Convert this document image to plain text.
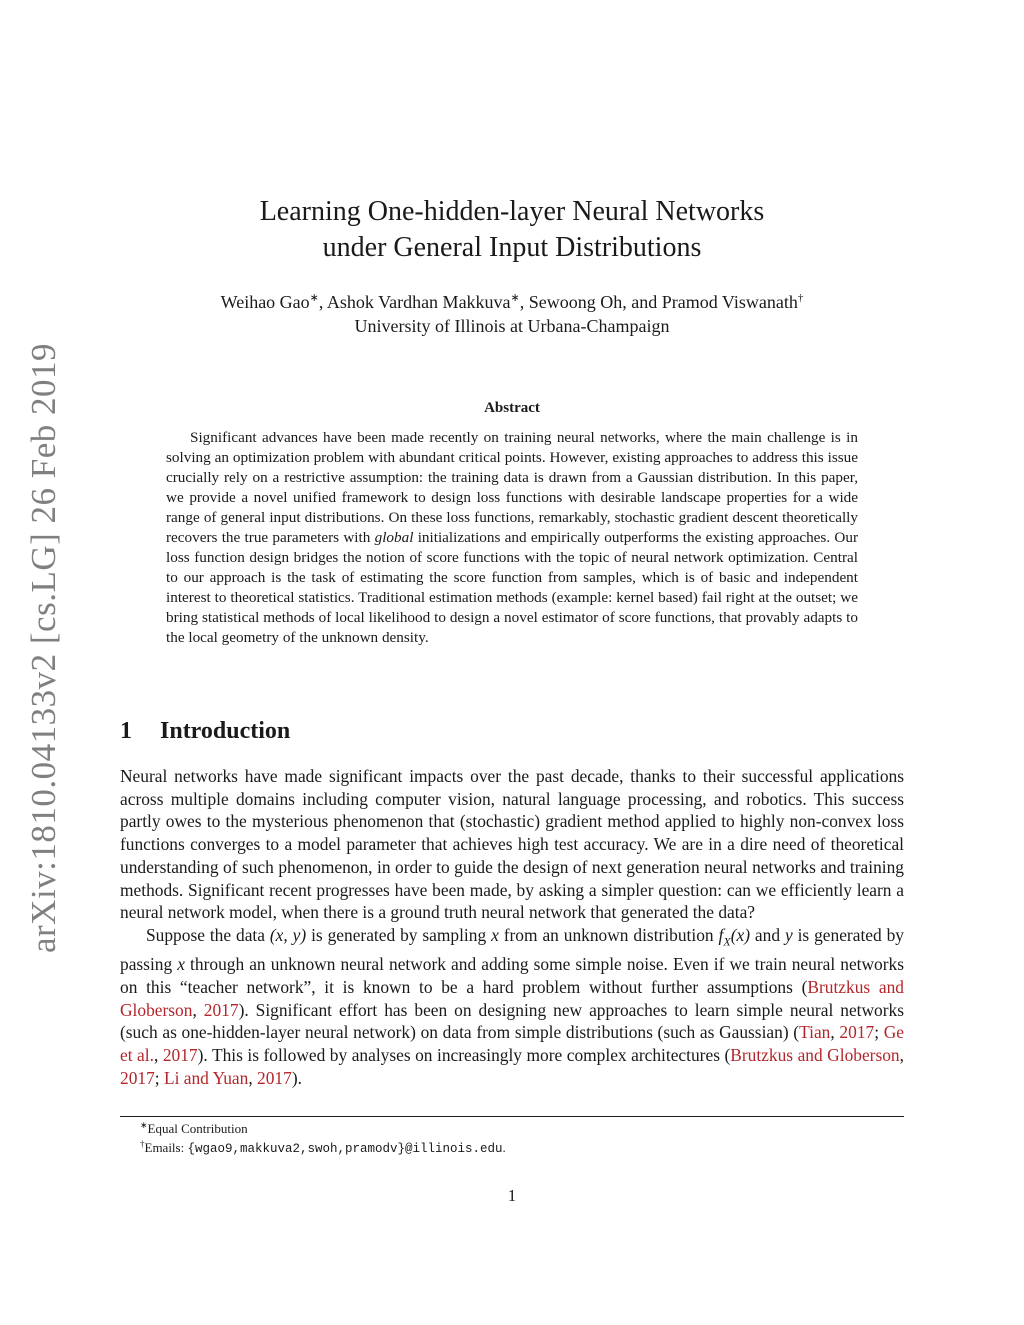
arXiv:1810.04133v2 [cs.LG] 26 Feb 2019
Learning One-hidden-layer Neural Networks
under General Input Distributions
Weihao Gao∗, Ashok Vardhan Makkuva∗, Sewoong Oh, and Pramod Viswanath†
University of Illinois at Urbana-Champaign
Abstract

Significant advances have been made recently on training neural networks, where the main challenge is in solving an optimization problem with abundant critical points. However, existing approaches to address this issue crucially rely on a restrictive assumption: the training data is drawn from a Gaussian distribution. In this paper, we provide a novel unified framework to design loss functions with desirable landscape properties for a wide range of general input distributions. On these loss functions, remarkably, stochastic gradient descent theoretically recovers the true parameters with global initializations and empirically outperforms the existing approaches. Our loss function design bridges the notion of score functions with the topic of neural network optimization. Central to our approach is the task of estimating the score function from samples, which is of basic and independent interest to theoretical statistics. Traditional estimation methods (example: kernel based) fail right at the outset; we bring statistical methods of local likelihood to design a novel estimator of score functions, that provably adapts to the local geometry of the unknown density.

1 Introduction

Neural networks have made significant impacts over the past decade, thanks to their successful applications across multiple domains including computer vision, natural language processing, and robotics. This success partly owes to the mysterious phenomenon that (stochastic) gradient method applied to highly non-convex loss functions converges to a model parameter that achieves high test accuracy. We are in a dire need of theoretical understanding of such phenomenon, in order to guide the design of next generation neural networks and training methods. Significant recent progresses have been made, by asking a simpler question: can we efficiently learn a neural network model, when there is a ground truth neural network that generated the data?

Suppose the data (x, y) is generated by sampling x from an unknown distribution $f_X(x)$ and y is generated by passing x through an unknown neural network and adding some simple noise. Even if we train neural networks on this “teacher network”, it is known to be a hard problem without further assumptions (Brutzkus and Globerson, 2017). Significant effort has been on designing new approaches to learn simple neural networks (such as one-hidden-layer neural network) on data from simple distributions (such as Gaussian) (Tian, 2017; Ge et al., 2017). This is followed by analyses on increasingly more complex architectures (Brutzkus and Globerson, 2017; Li and Yuan, 2017).

∗Equal Contribution
†Emails: {wgao9,makkuva2,swoh,pramodv}@illinois.edu.
1
